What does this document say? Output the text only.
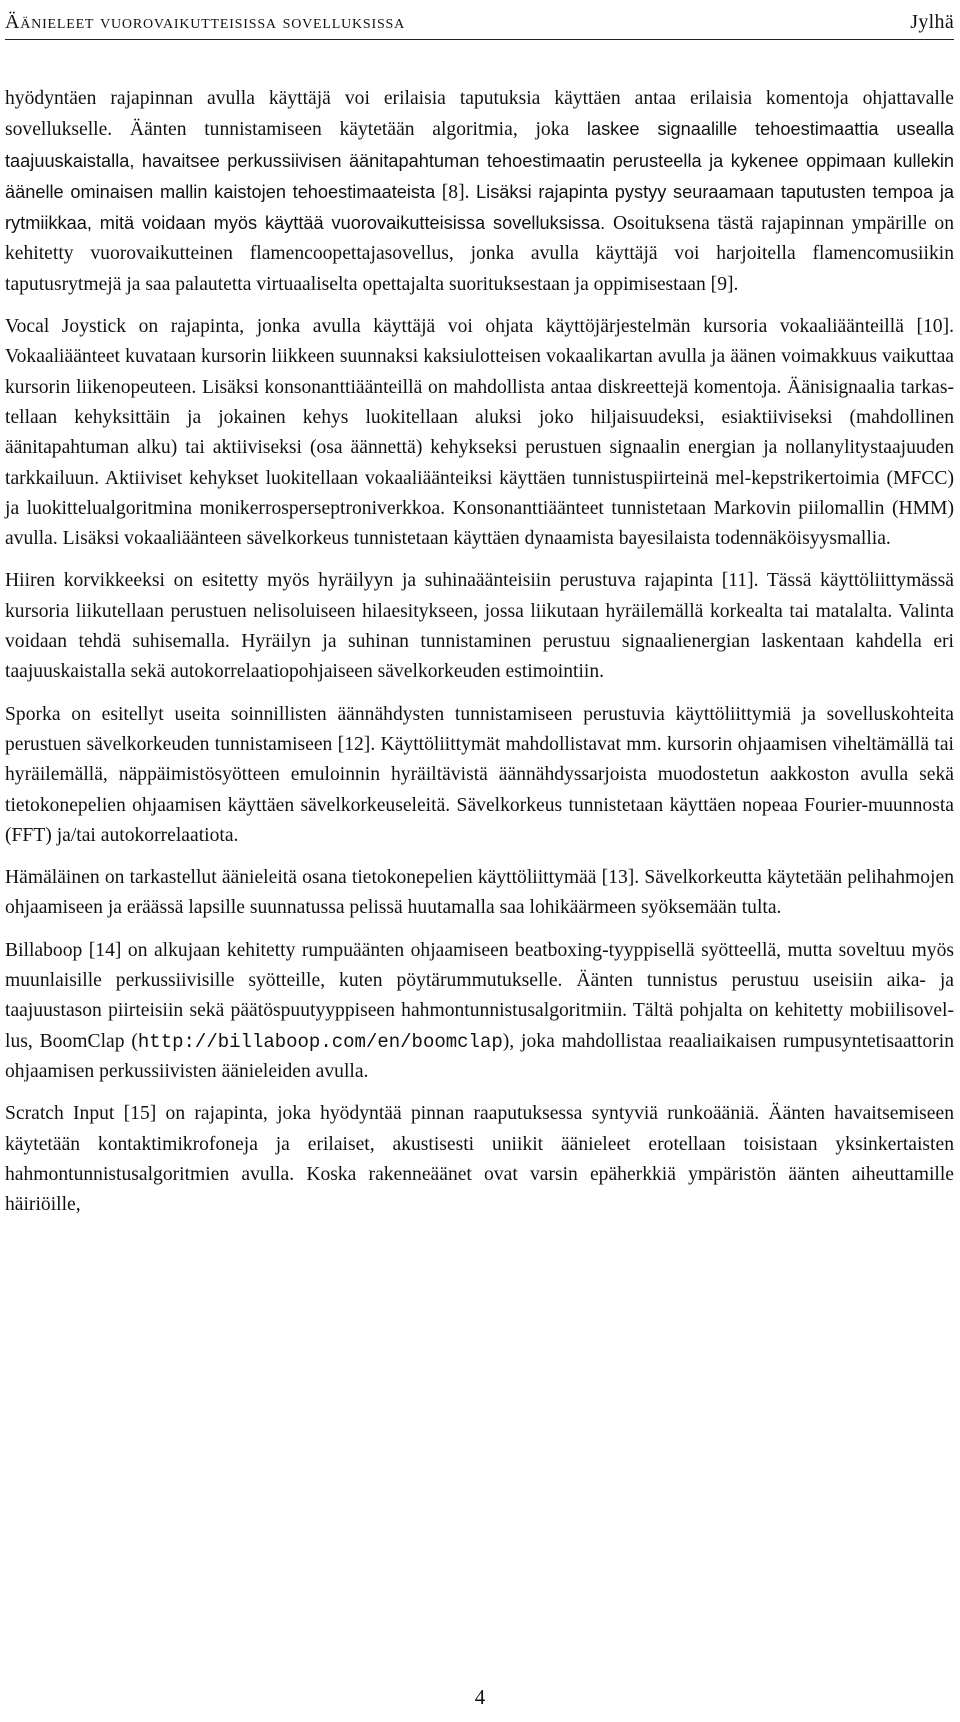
Äänieleet vuorovaikutteisissa sovelluksissa	Jylhä

hyödyntäen rajapinnan avulla käyttäjä voi erilaisia taputuksia käyttäen antaa erilaisia komentoja ohjattavalle sovellukselle. Äänten tunnistamiseen käytetään algoritmia, joka laskee signaalille tehoestimaattia usealla taajuuskaistalla, havaitsee perkussiivisen äänitapahtuman tehoestimaatin perusteella ja kykenee oppimaan kullekin äänelle ominaisen mallin kaistojen tehoestimaateista [8]. Lisäksi rajapinta pystyy seuraamaan taputusten tempoa ja rytmiikkaa, mitä voidaan myös käyttää vuorovaikutteisissa sovelluksissa. Osoituksena tästä rajapinnan ympärille on kehitetty vuorovaikutteinen flamencoopettajasovellus, jonka avulla käyttäjä voi harjoitella flamencomusiikin taputusrytmejä ja saa palautetta virtuaaliselta opettajalta suorituksestaan ja oppimisestaan [9].

Vocal Joystick on rajapinta, jonka avulla käyttäjä voi ohjata käyttöjärjestelmän kursoria vokaaliäänteillä [10]. Vokaaliäänteet kuvataan kursorin liikkeen suunnaksi kaksiulotteisen vokaalikartan avulla ja äänen voimakkuus vaikuttaa kursorin liikenopeuteen. Lisäksi konsonanttiäänteillä on mahdollista antaa diskreettejä komentoja. Äänisignaalia tarkastellaan kehyksittäin ja jokainen kehys luokitellaan aluksi joko hiljaisuudeksi, esiaktiiviseksi (mahdollinen äänitapahtuman alku) tai aktiiviseksi (osa äännettä) kehykseksi perustuen signaalin energian ja nollanylitystaajuuden tarkkailuun. Aktiiviset kehykset luokitellaan vokaaliäänteiksi käyttäen tunnistuspiirteinä mel-kepstrikertoimia (MFCC) ja luokittelualgoritmina monikerrosperseptroniverkkoa. Konsonanttiäänteet tunnistetaan Markovin piilomallin (HMM) avulla. Lisäksi vokaaliäänteen sävelkorkeus tunnistetaan käyttäen dynaamista bayesilaista todennäköisyysmallia.

Hiiren korvikkeeksi on esitetty myös hyräilyyn ja suhinaäänteisiin perustuva rajapinta [11]. Tässä käyttöliittymässä kursoria liikutellaan perustuen nelisoluiseen hilaesitykseen, jossa liikutaan hyräilemällä korkealta tai matalalta. Valinta voidaan tehdä suhisemalla. Hyräilyn ja suhinan tunnistaminen perustuu signaalienergian laskentaan kahdella eri taajuuskaistalla sekä autokorrelaatiopohjaiseen sävelkorkeuden estimointiin.

Sporka on esitellyt useita soinnillisten äännähdysten tunnistamiseen perustuvia käyttöliittymiä ja sovelluskohteita perustuen sävelkorkeuden tunnistamiseen [12]. Käyttöliittymät mahdollistavat mm. kursorin ohjaamisen viheltämällä tai hyräilemällä, näppäimistösyötteen emuloinnin hyräiltävistä äännähdyssarjoista muodostetun aakkoston avulla sekä tietokonepelien ohjaamisen käyttäen sävelkorkeuseleitä. Sävelkorkeus tunnistetaan käyttäen nopeaa Fourier-muunnosta (FFT) ja/tai autokorrelaatiota.

Hämäläinen on tarkastellut äänieleitä osana tietokonepelien käyttöliittymää [13]. Sävelkorkeutta käytetään pelihahmojen ohjaamiseen ja eräässä lapsille suunnatussa pelissä huutamalla saa lohikäärmeen syöksemään tulta.

Billaboop [14] on alkujaan kehitetty rumpuäänten ohjaamiseen beatboxing-tyyppisellä syötteellä, mutta soveltuu myös muunlaisille perkussiivisille syötteille, kuten pöytärummutukselle. Äänten tunnistus perustuu useisiin aika- ja taajuustason piirteisiin sekä päätöspuutyyppiseen hahmontunnistusalgoritmiin. Tältä pohjalta on kehitetty mobiilisovellus, BoomClap (http://billaboop.com/en/boomclap), joka mahdollistaa reaaliaikaisen rumpusyntetisaattorin ohjaamisen perkussiivisten äänieleiden avulla.

Scratch Input [15] on rajapinta, joka hyödyntää pinnan raaputuksessa syntyviä runkoääniä. Äänten havaitsemiseen käytetään kontaktimikrofoneja ja erilaiset, akustisesti uniikit äänieleet erotellaan toisistaan yksinkertaisten hahmontunnistusalgoritmien avulla. Koska rakenneäänet ovat varsin epäherkkiä ympäristön äänten aiheuttamille häiriöille,

4
